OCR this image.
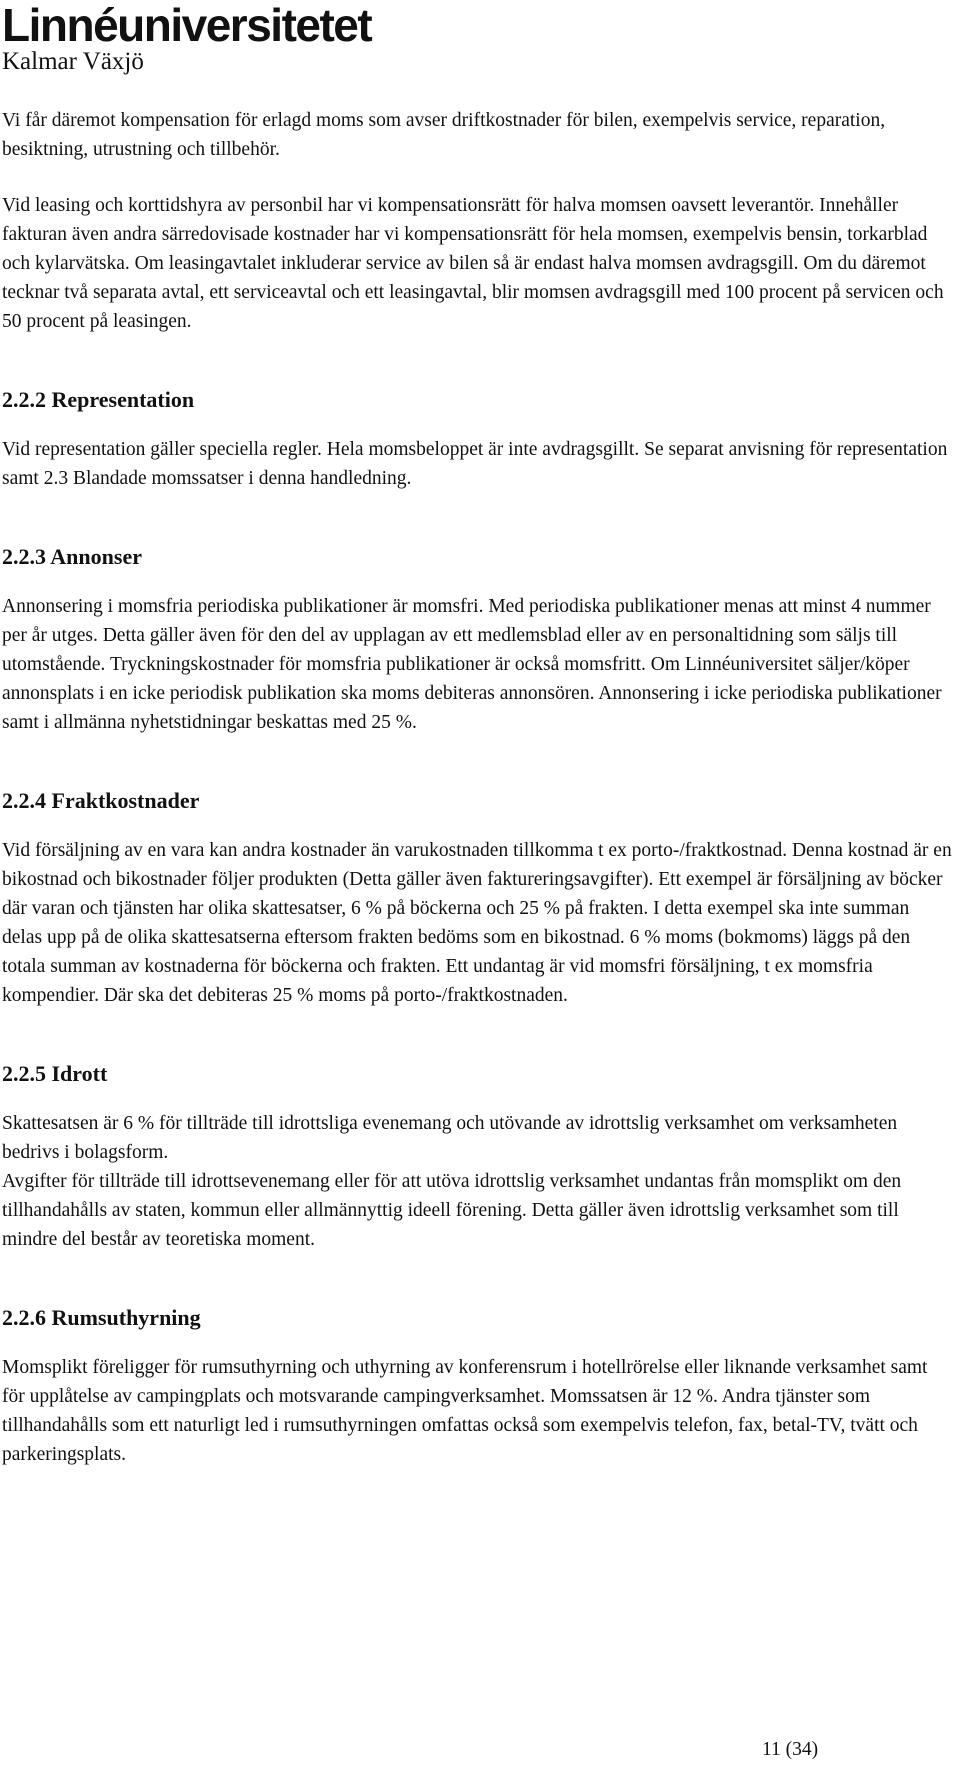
Linnéuniversitetet
Kalmar Växjö

Vi får däremot kompensation för erlagd moms som avser driftkostnader för bilen, exempelvis service, reparation, besiktning, utrustning och tillbehör.

Vid leasing och korttidshyra av personbil har vi kompensationsrätt för halva momsen oavsett leverantör. Innehåller fakturan även andra särredovisade kostnader har vi kompensationsrätt för hela momsen, exempelvis bensin, torkarblad och kylarvätska. Om leasingavtalet inkluderar service av bilen så är endast halva momsen avdragsgill. Om du däremot tecknar två separata avtal, ett serviceavtal och ett leasingavtal, blir momsen avdragsgill med 100 procent på servicen och 50 procent på leasingen.

2.2.2 Representation

Vid representation gäller speciella regler. Hela momsbeloppet är inte avdragsgillt. Se separat anvisning för representation samt 2.3 Blandade momssatser i denna handledning.

2.2.3 Annonser

Annonsering i momsfria periodiska publikationer är momsfri. Med periodiska publikationer menas att minst 4 nummer per år utges. Detta gäller även för den del av upplagan av ett medlemsblad eller av en personaltidning som säljs till utomstående. Tryckningskostnader för momsfria publikationer är också momsfritt. Om Linnéuniversitet säljer/köper annonsplats i en icke periodisk publikation ska moms debiteras annonsören. Annonsering i icke periodiska publikationer samt i allmänna nyhetstidningar beskattas med 25 %.

2.2.4 Fraktkostnader

Vid försäljning av en vara kan andra kostnader än varukostnaden tillkomma t ex porto-/fraktkostnad. Denna kostnad är en bikostnad och bikostnader följer produkten (Detta gäller även faktureringsavgifter). Ett exempel är försäljning av böcker där varan och tjänsten har olika skattesatser, 6 % på böckerna och 25 % på frakten. I detta exempel ska inte summan delas upp på de olika skattesatserna eftersom frakten bedöms som en bikostnad. 6 % moms (bokmoms) läggs på den totala summan av kostnaderna för böckerna och frakten. Ett undantag är vid momsfri försäljning, t ex momsfria kompendier. Där ska det debiteras 25 % moms på porto-/fraktkostnaden.

2.2.5 Idrott

Skattesatsen är 6 % för tillträde till idrottsliga evenemang och utövande av idrottslig verksamhet om verksamheten bedrivs i bolagsform.

Avgifter för tillträde till idrottsevenemang eller för att utöva idrottslig verksamhet undantas från momsplikt om den tillhandahålls av staten, kommun eller allmännyttig ideell förening. Detta gäller även idrottslig verksamhet som till mindre del består av teoretiska moment.

2.2.6 Rumsuthyrning

Momsplikt föreligger för rumsuthyrning och uthyrning av konferensrum i hotellrörelse eller liknande verksamhet samt för upplåtelse av campingplats och motsvarande campingverksamhet. Momssatsen är 12 %. Andra tjänster som tillhandahålls som ett naturligt led i rumsuthyrningen omfattas också som exempelvis telefon, fax, betal-TV, tvätt och parkeringsplats.

11 (34)
